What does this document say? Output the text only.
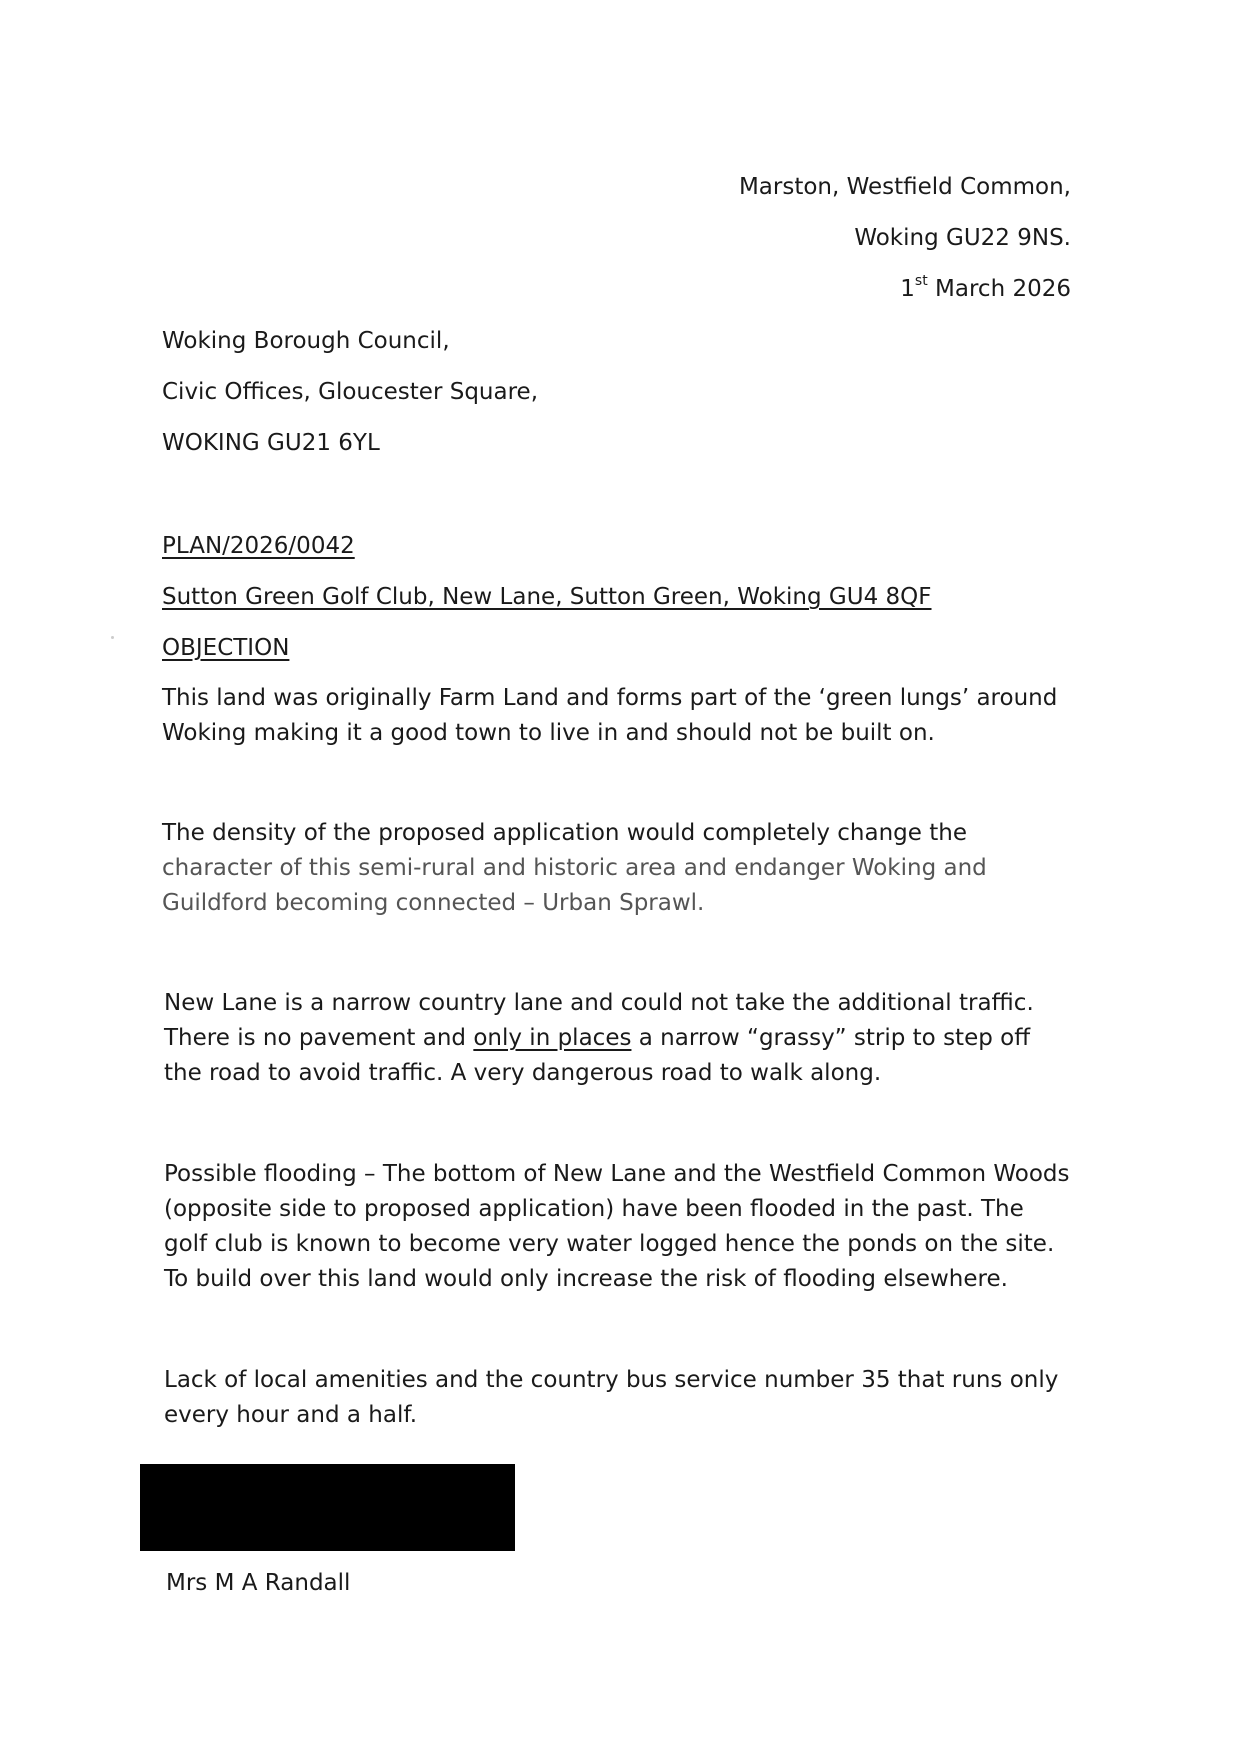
Marston, Westfield Common,
Woking GU22 9NS.
1st March 2026
Woking Borough Council,
Civic Offices, Gloucester Square,
WOKING GU21 6YL
PLAN/2026/0042
Sutton Green Golf Club, New Lane, Sutton Green, Woking GU4 8QF
OBJECTION
This land was originally Farm Land and forms part of the ‘green lungs’ around Woking making it a good town to live in and should not be built on.
The density of the proposed application would completely change the
character of this semi-rural and historic area and endanger Woking and
Guildford becoming connected – Urban Sprawl.
New Lane is a narrow country lane and could not take the additional traffic. There is no pavement and only in places a narrow “grassy” strip to step off the road to avoid traffic. A very dangerous road to walk along.
Possible flooding – The bottom of New Lane and the Westfield Common Woods (opposite side to proposed application) have been flooded in the past. The golf club is known to become very water logged hence the ponds on the site. To build over this land would only increase the risk of flooding elsewhere.
Lack of local amenities and the country bus service number 35 that runs only every hour and a half.
Mrs M A Randall
